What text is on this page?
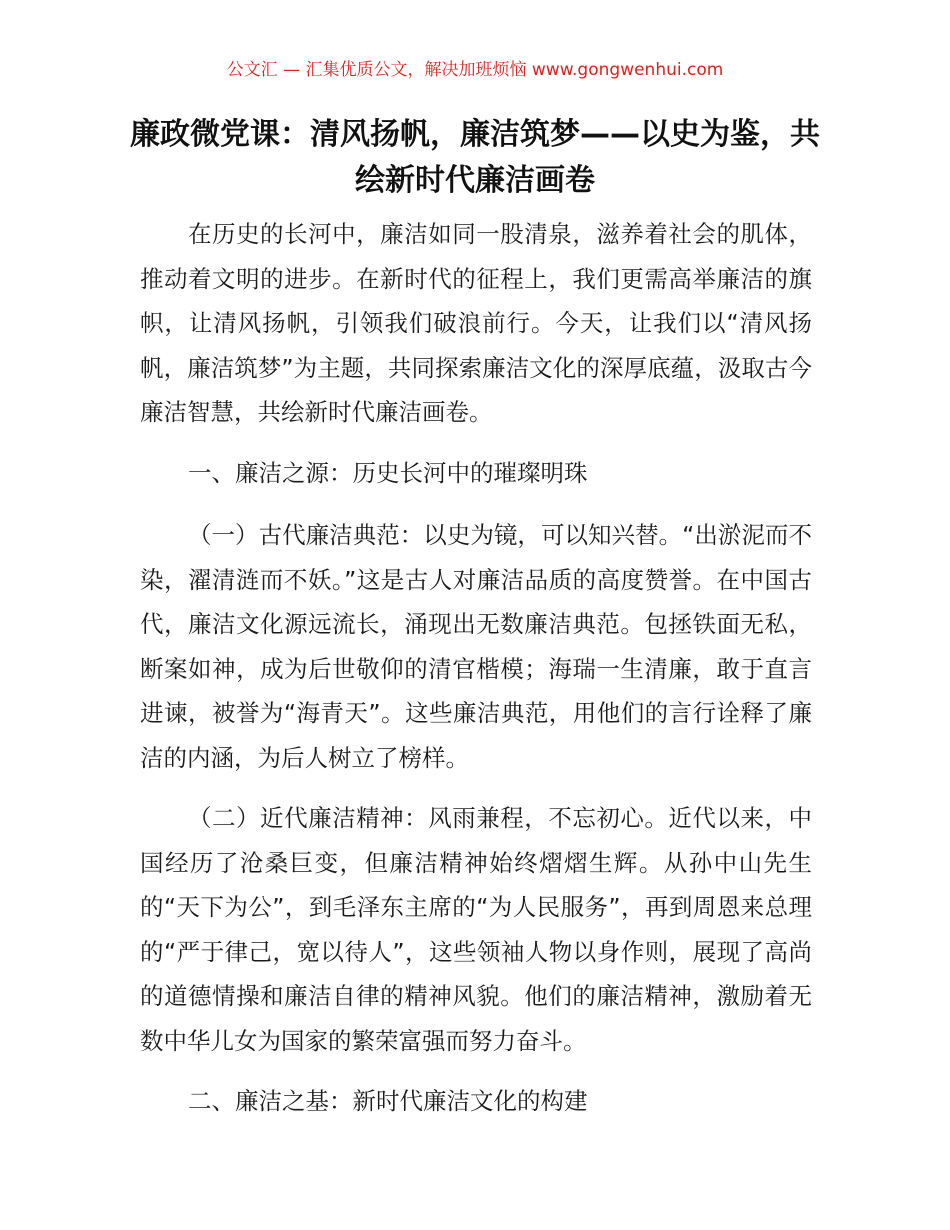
公文汇 — 汇集优质公文，解决加班烦恼 www.gongwenhui.com
廉政微党课：清风扬帆，廉洁筑梦——以史为鉴，共绘新时代廉洁画卷

在历史的长河中，廉洁如同一股清泉，滋养着社会的肌体，推动着文明的进步。在新时代的征程上，我们更需高举廉洁的旗帜，让清风扬帆，引领我们破浪前行。今天，让我们以“清风扬帆，廉洁筑梦”为主题，共同探索廉洁文化的深厚底蕴，汲取古今廉洁智慧，共绘新时代廉洁画卷。

一、廉洁之源：历史长河中的璀璨明珠

（一）古代廉洁典范：以史为镜，可以知兴替。“出淤泥而不染，濯清涟而不妖。”这是古人对廉洁品质的高度赞誉。在中国古代，廉洁文化源远流长，涌现出无数廉洁典范。包拯铁面无私，断案如神，成为后世敬仰的清官楷模；海瑞一生清廉，敢于直言进谏，被誉为“海青天”。这些廉洁典范，用他们的言行诠释了廉洁的内涵，为后人树立了榜样。

（二）近代廉洁精神：风雨兼程，不忘初心。近代以来，中国经历了沧桑巨变，但廉洁精神始终熠熠生辉。从孙中山先生的“天下为公”，到毛泽东主席的“为人民服务”，再到周恩来总理的“严于律己，宽以待人”，这些领袖人物以身作则，展现了高尚的道德情操和廉洁自律的精神风貌。他们的廉洁精神，激励着无数中华儿女为国家的繁荣富强而努力奋斗。

二、廉洁之基：新时代廉洁文化的构建
